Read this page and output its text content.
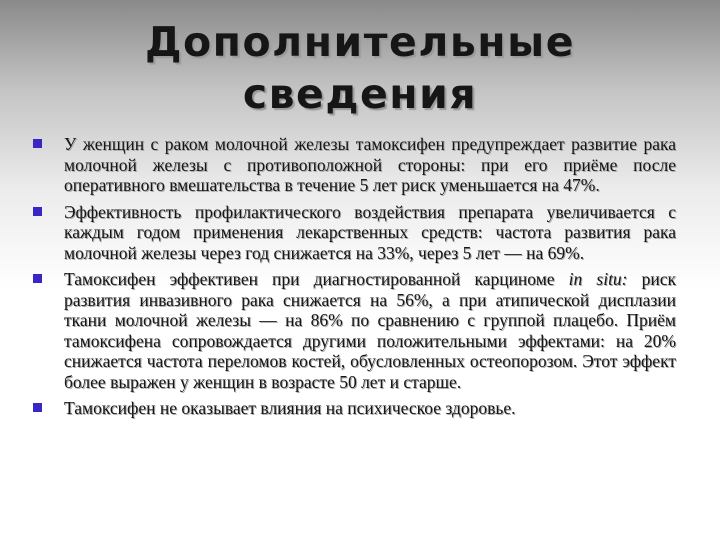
Дополнительные
сведения
У женщин с раком молочной железы тамоксифен предупреждает развитие рака молочной железы с противоположной стороны: при его приёме после оперативного вмешательства в течение 5 лет риск уменьшается на 47%.
Эффективность профилактического воздействия препарата увеличивается с каждым годом применения лекарственных средств: частота развития рака молочной железы через год снижается на 33%, через 5 лет — на 69%.
Тамоксифен эффективен при диагностированной карциноме in situ: риск развития инвазивного рака снижается на 56%, а при атипической дисплазии ткани молочной железы — на 86% по сравнению с группой плацебо. Приём тамоксифена сопровождается другими положительными эффектами: на 20% снижается частота переломов костей, обусловленных остеопорозом. Этот эффект более выражен у женщин в возрасте 50 лет и старше.
Тамоксифен не оказывает влияния на психическое здоровье.
